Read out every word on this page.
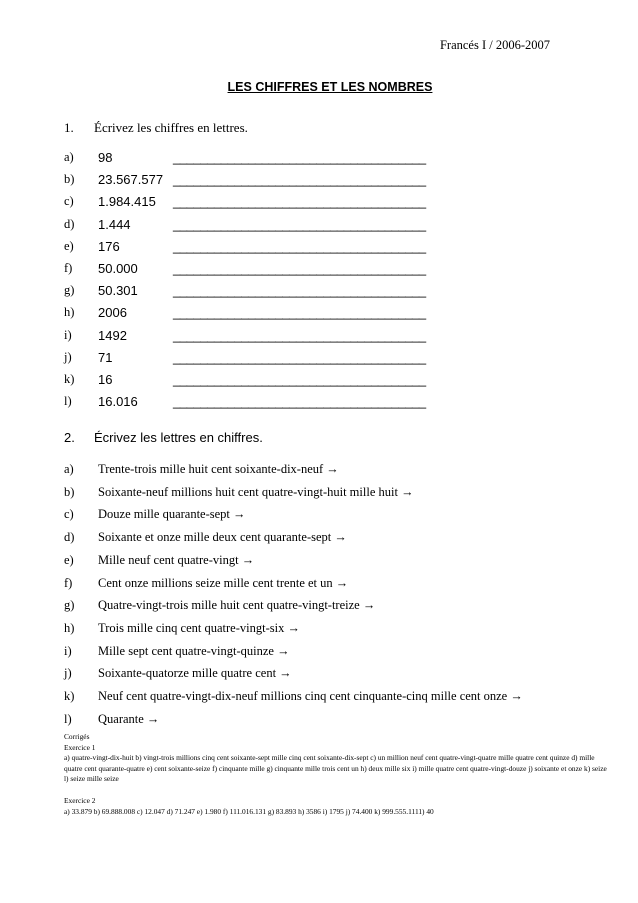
Francés I / 2006-2007
LES CHIFFRES ET LES NOMBRES
1. Écrivez les chiffres en lettres.
a) 98	_____________________________________
b) 23.567.577 _____________________________________
c) 1.984.415 _____________________________________
d) 1.444	_____________________________________
e) 176	_____________________________________
f) 50.000	_____________________________________
g) 50.301	_____________________________________
h) 2006	_____________________________________
i) 1492	_____________________________________
j) 71	_____________________________________
k) 16	_____________________________________
l) 16.016	_____________________________________
2. Écrivez les lettres en chiffres.
a) Trente-trois mille huit cent soixante-dix-neuf →
b) Soixante-neuf millions huit cent quatre-vingt-huit mille huit →
c) Douze mille quarante-sept →
d) Soixante et onze mille deux cent quarante-sept →
e) Mille neuf cent quatre-vingt →
f) Cent onze millions seize mille cent trente et un →
g) Quatre-vingt-trois mille huit cent quatre-vingt-treize →
h) Trois mille cinq cent quatre-vingt-six →
i) Mille sept cent quatre-vingt-quinze →
j) Soixante-quatorze mille quatre cent →
k) Neuf cent quatre-vingt-dix-neuf millions cinq cent cinquante-cinq mille cent onze →
l) Quarante →

Corrigés

Exercice 1

a) quatre-vingt-dix-huit b) vingt-trois millions cinq cent soixante-sept mille cinq cent soixante-dix-sept c) un million neuf cent quatre-vingt-quatre mille quatre cent quinze d) mille quatre cent quarante-quatre e) cent soixante-seize f) cinquante mille g) cinquante mille trois cent un h) deux mille six i) mille quatre cent quatre-vingt-douze j) soixante et onze k) seize l) seize mille seize

Exercice 2

a) 33.879 b) 69.888.008 c) 12.047 d) 71.247 e) 1.980 f) 111.016.131 g) 83.893 h) 3586 i) 1795 j) 74.400 k) 999.555.1111) 40
